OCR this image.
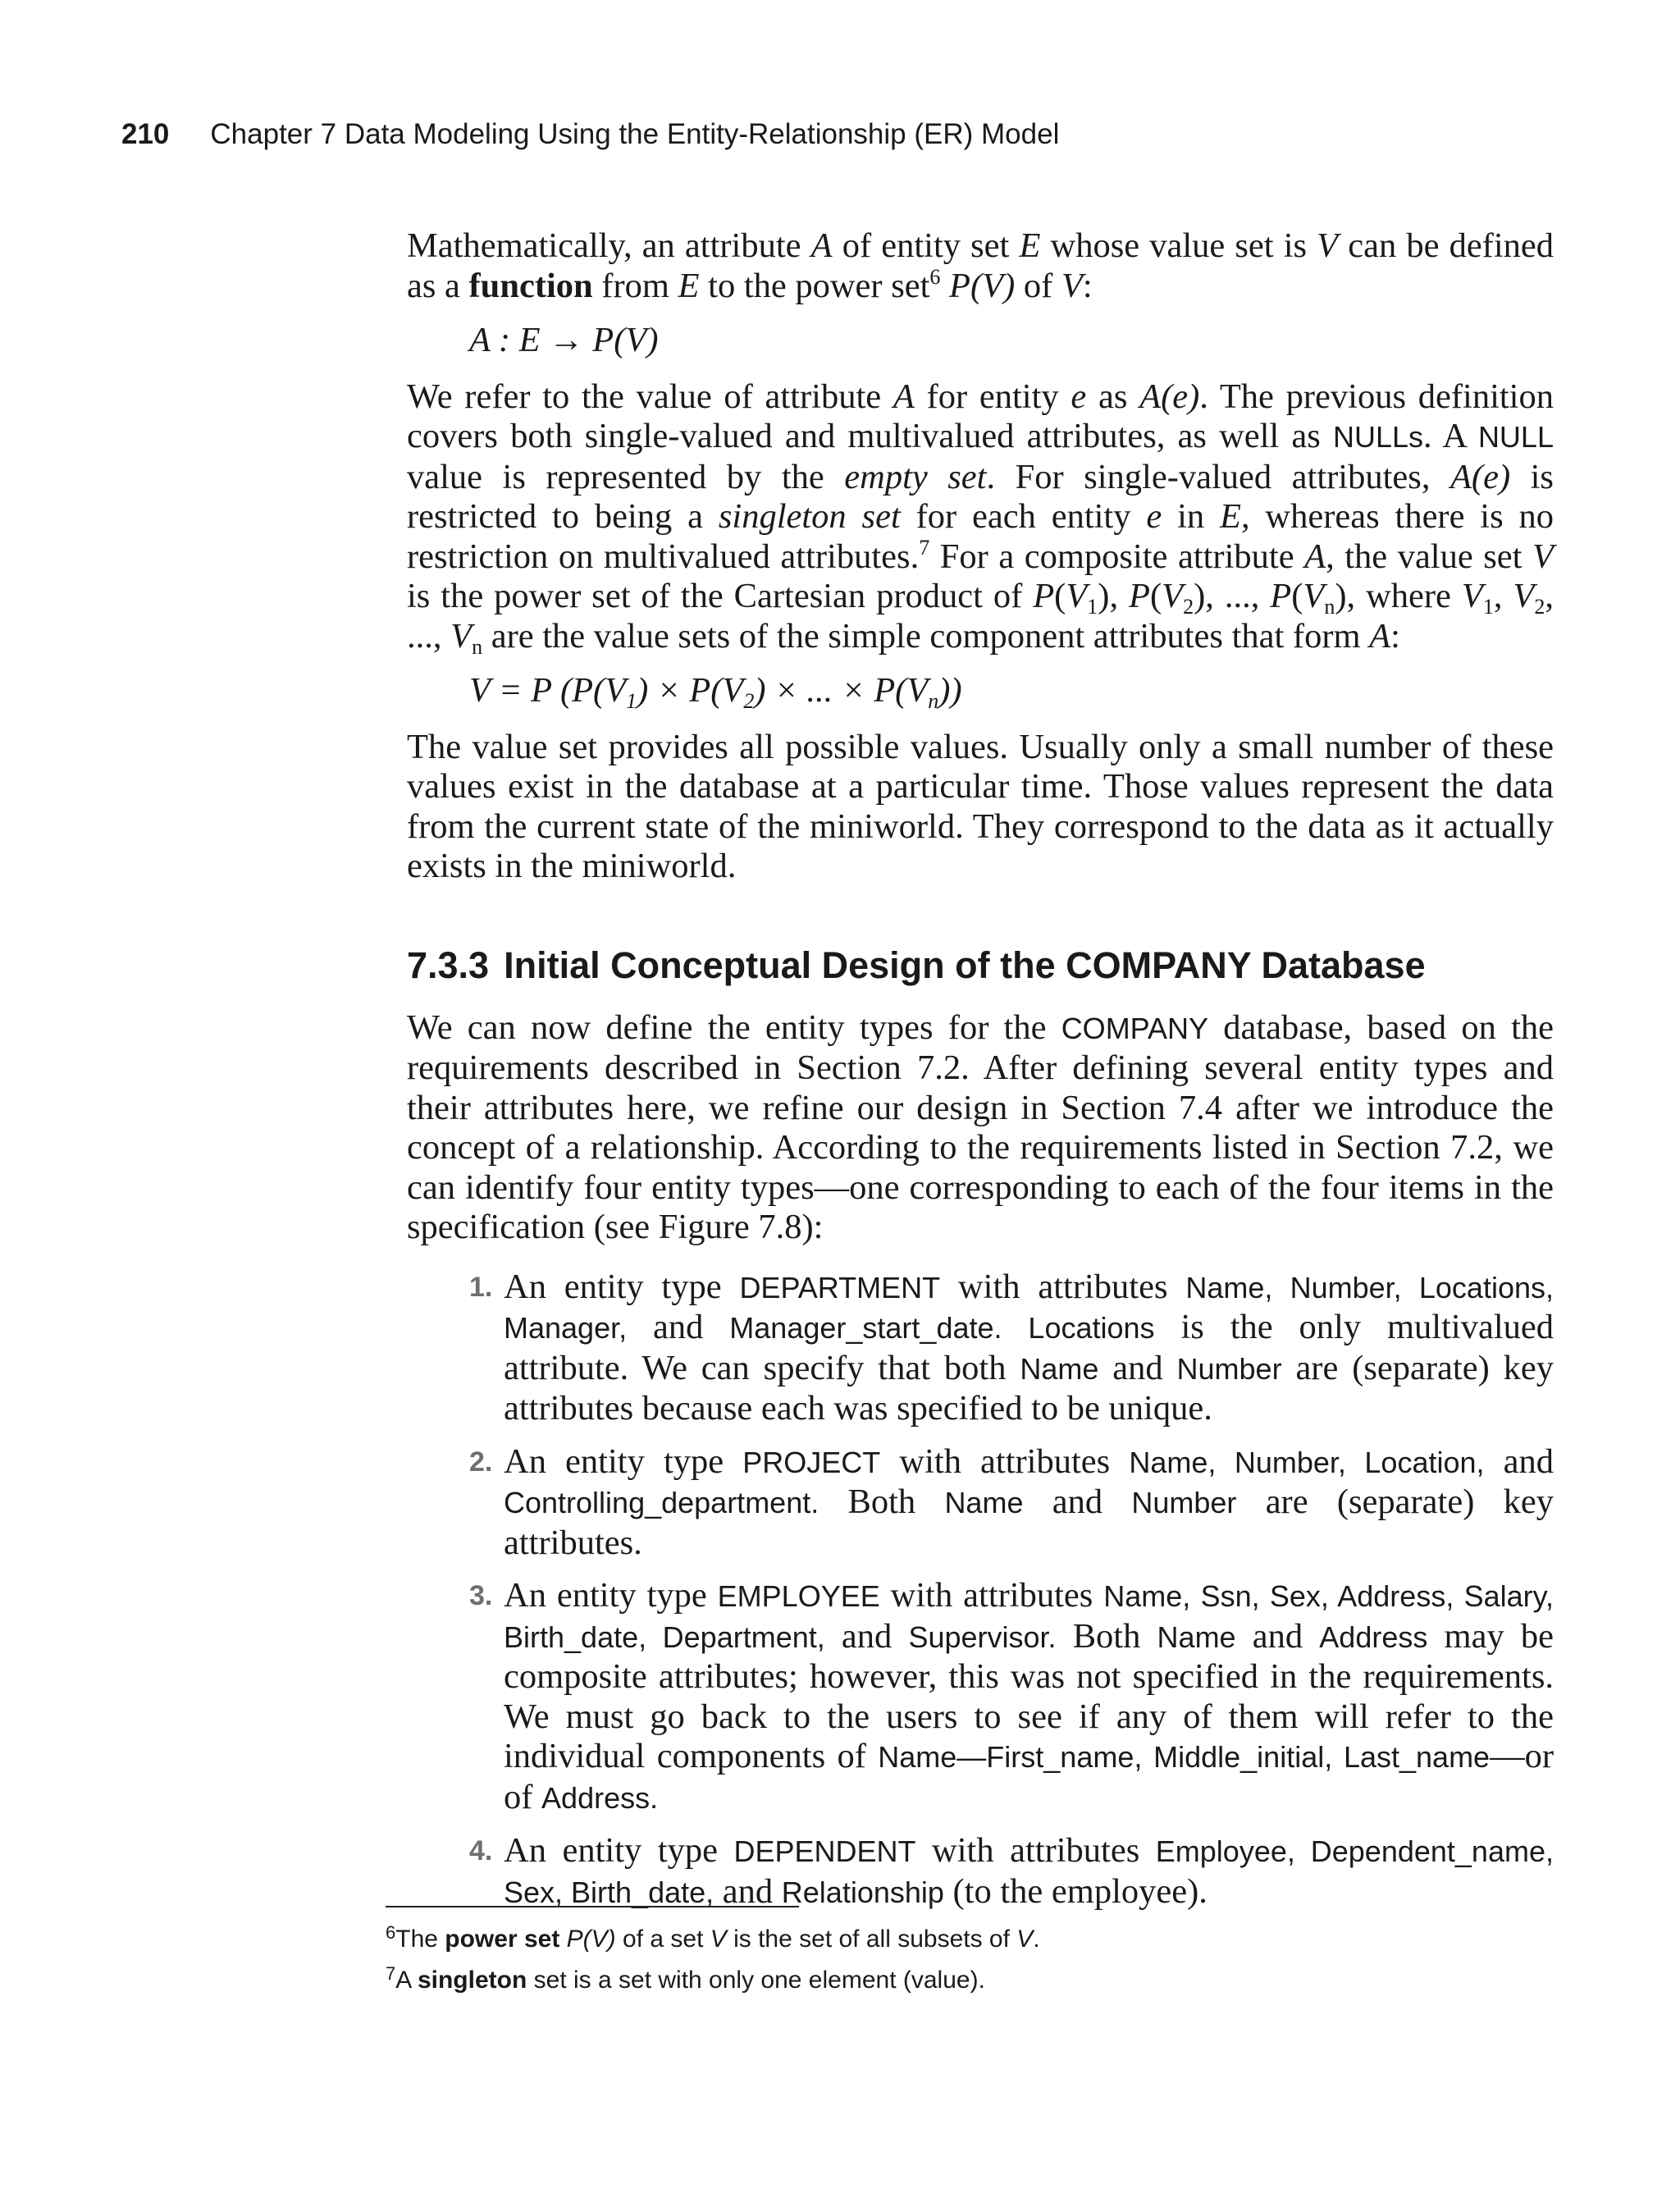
210 Chapter 7 Data Modeling Using the Entity-Relationship (ER) Model

Mathematically, an attribute A of entity set E whose value set is V can be defined as a function from E to the power set$^6$ P(V) of V:

A : E → P(V)

We refer to the value of attribute A for entity e as A(e). The previous definition covers both single-valued and multivalued attributes, as well as NULLs. A NULL value is represented by the empty set. For single-valued attributes, A(e) is restricted to being a singleton set for each entity e in E, whereas there is no restriction on multivalued attributes.$^7$ For a composite attribute A, the value set V is the power set of the Cartesian product of $P(V_1)$, $P(V_2)$, ..., $P(V_n)$, where $V_1$, $V_2$, ..., $V_n$ are the value sets of the simple component attributes that form A:

V = P ($P(V_1) \times P(V_2)$ × ... × $P(V_n)$)

The value set provides all possible values. Usually only a small number of these values exist in the database at a particular time. Those values represent the data from the current state of the miniworld. They correspond to the data as it actually exists in the miniworld.

7.3.3 Initial Conceptual Design of the COMPANY Database

We can now define the entity types for the COMPANY database, based on the requirements described in Section 7.2. After defining several entity types and their attributes here, we refine our design in Section 7.4 after we introduce the concept of a relationship. According to the requirements listed in Section 7.2, we can identify four entity types—one corresponding to each of the four items in the specification (see Figure 7.8):

1. An entity type DEPARTMENT with attributes Name, Number, Locations, Manager, and Manager_start_date. Locations is the only multivalued attribute. We can specify that both Name and Number are (separate) key attributes because each was specified to be unique.
2. An entity type PROJECT with attributes Name, Number, Location, and Controlling_department. Both Name and Number are (separate) key attributes.
3. An entity type EMPLOYEE with attributes Name, Ssn, Sex, Address, Salary, Birth_date, Department, and Supervisor. Both Name and Address may be composite attributes; however, this was not specified in the requirements. We must go back to the users to see if any of them will refer to the individual components of Name—First_name, Middle_initial, Last_name—or of Address.
4. An entity type DEPENDENT with attributes Employee, Dependent_name, Sex, Birth_date, and Relationship (to the employee).
$^6$The power set P(V) of a set V is the set of all subsets of V.
$^7$A singleton set is a set with only one element (value).
